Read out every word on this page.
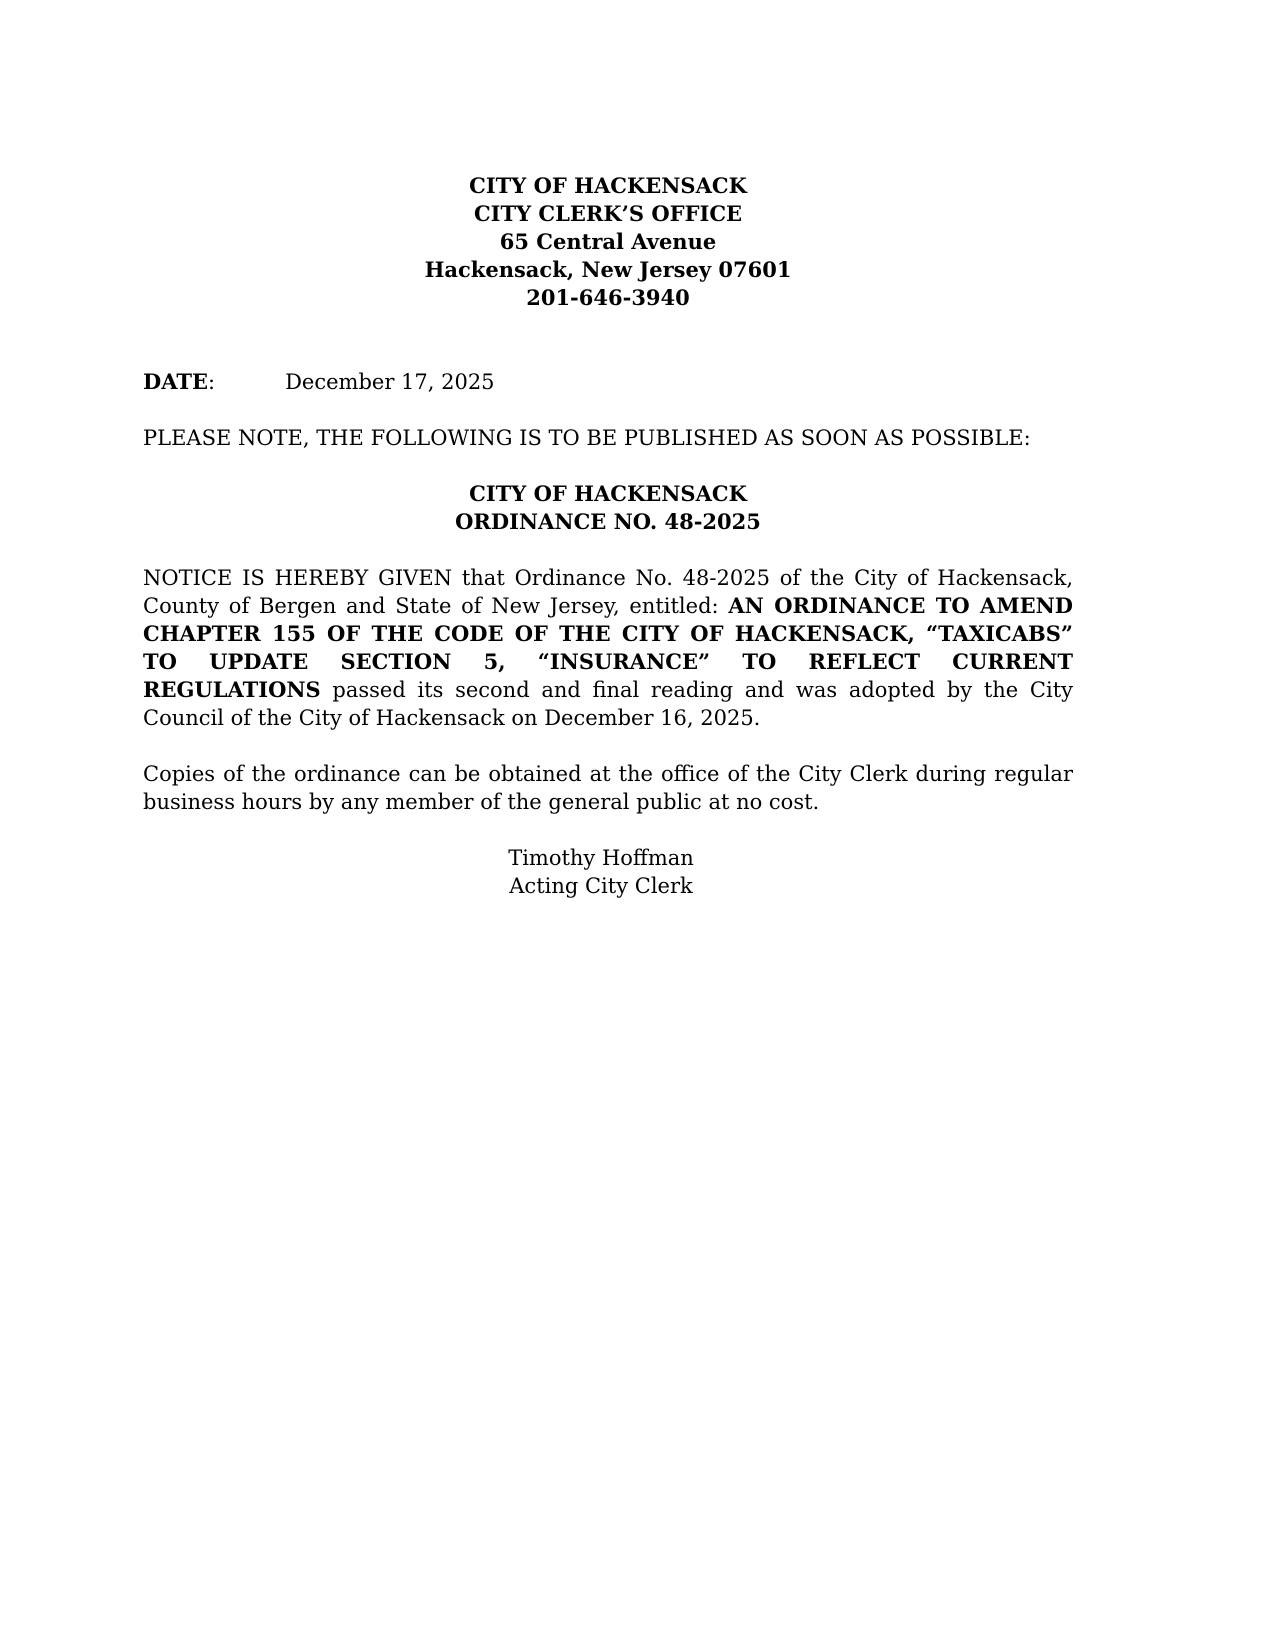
CITY OF HACKENSACK
CITY CLERK’S OFFICE
65 Central Avenue
Hackensack, New Jersey 07601
201-646-3940
DATE:	December 17, 2025

PLEASE NOTE, THE FOLLOWING IS TO BE PUBLISHED AS SOON AS POSSIBLE:

CITY OF HACKENSACK
ORDINANCE NO. 48-2025

NOTICE IS HEREBY GIVEN that Ordinance No. 48-2025 of the City of Hackensack, County of Bergen and State of New Jersey, entitled: AN ORDINANCE TO AMEND CHAPTER 155 OF THE CODE OF THE CITY OF HACKENSACK, “TAXICABS” TO UPDATE SECTION 5, “INSURANCE” TO REFLECT CURRENT REGULATIONS passed its second and final reading and was adopted by the City Council of the City of Hackensack on December 16, 2025.

Copies of the ordinance can be obtained at the office of the City Clerk during regular business hours by any member of the general public at no cost.

Timothy Hoffman
Acting City Clerk
